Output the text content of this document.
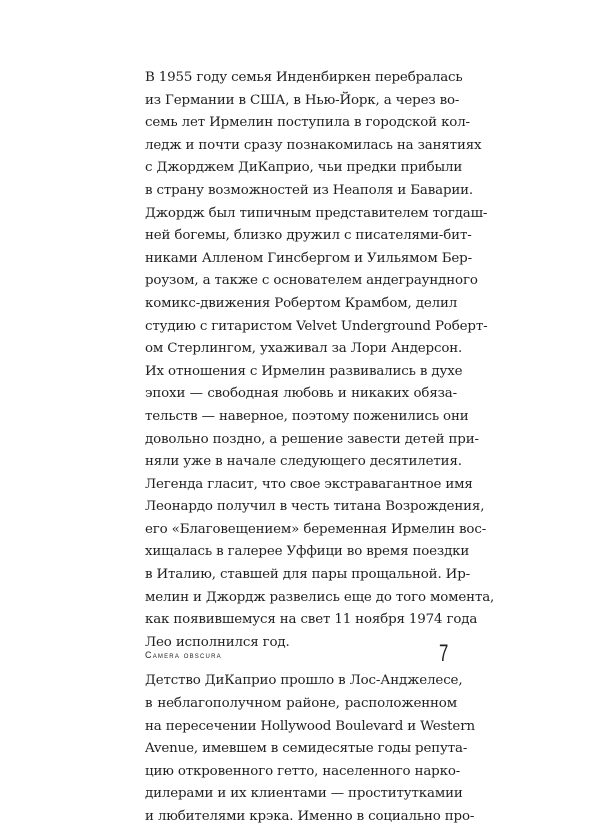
В 1955 году семья Инденбиркен перебралась
из Германии в США, в Нью-Йорк, а через во-
семь лет Ирмелин поступила в городской кол-
ледж и почти сразу познакомилась на занятиях
с Джорджем ДиКаприо, чьи предки прибыли
в страну возможностей из Неаполя и Баварии.
Джордж был типичным представителем тогдаш-
ней богемы, близко дружил с писателями-бит-
никами Алленом Гинсбергом и Уильямом Бер-
роузом, а также с основателем андеграундного
комикс-движения Робертом Крамбом, делил
студию с гитаристом Velvet Underground Роберт-
ом Стерлингом, ухаживал за Лори Андерсон.
Их отношения с Ирмелин развивались в духе
эпохи — свободная любовь и никаких обяза-
тельств — наверное, поэтому поженились они
довольно поздно, а решение завести детей при-
няли уже в начале следующего десятилетия.
Легенда гласит, что свое экстравагантное имя
Леонардо получил в честь титана Возрождения,
его «Благовещением» беременная Ирмелин вос-
хищалась в галерее Уффици во время поездки
в Италию, ставшей для пары прощальной. Ир-
мелин и Джордж развелись еще до того момента,
как появившемуся на свет 11 ноября 1974 года
Лео исполнился год.
Детство ДиКаприо прошло в Лос-Анджелесе,
в неблагополучном районе, расположенном
на пересечении Hollywood Boulevard и Western
Avenue, имевшем в семидесятые годы репута-
цию откровенного гетто, населенного нарко-
дилерами и их клиентами — проституткамии
и любителями крэка. Именно в социально про-
Camera obscura	7
